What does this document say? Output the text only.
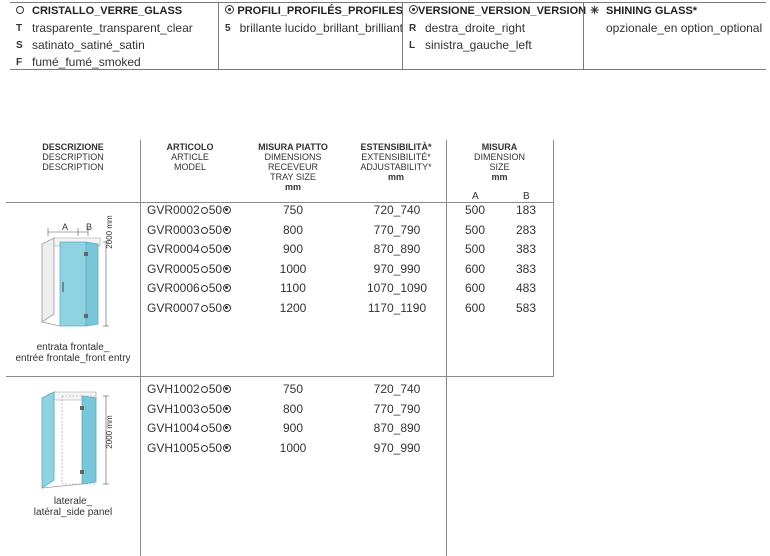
CRISTALLO_VERRE_GLASS
T trasparente_transparent_clear
S satinato_satiné_satin
F fumé_fumé_smoked
PROFILI_PROFILÉS_PROFILES
5 brillante lucido_brillant_brilliant
VERSIONE_VERSION_VERSION
R destra_droite_right
L sinistra_gauche_left
✳ SHINING GLASS*
opzionale_en option_optional
DESCRIZIONE
DESCRIPTION
DESCRIPTION
ARTICOLO
ARTICLE
MODEL
MISURA PIATTO
DIMENSIONS RECEVEUR
TRAY SIZE
mm
ESTENSIBILITÀ*
EXTENSIBILITÉ*
ADJUSTABILITY*
mm
MISURA
DIMENSION
SIZE
mm
A	B
GVR0002 50	750	720_740	500	183
GVR0003 50	800	770_790	500	283
GVR0004 50	900	870_890	500	383
GVR0005 50	1000	970_990	600	383
GVR0006 50	1100	1070_1090	600	483
GVR0007 50	1200	1170_1190	600	583
GVH1002 50	750	720_740
GVH1003 50	800	770_790
GVH1004 50	900	870_890
GVH1005 50	1000	970_990
A B 2000 mm
entrata frontale_
entrée frontale_front entry
2000 mm
laterale_
latéral_side panel
